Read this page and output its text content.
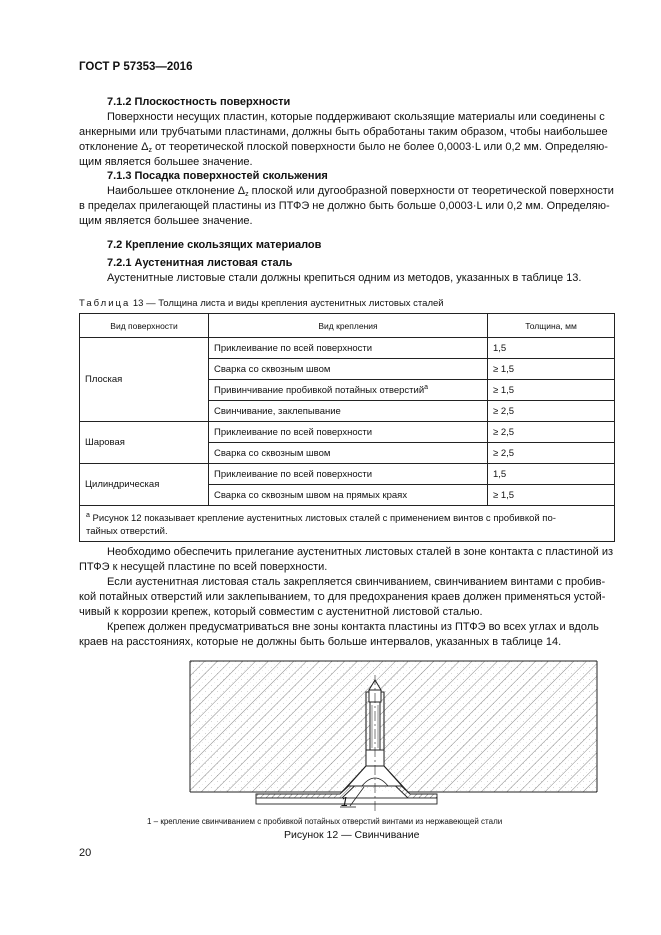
ГОСТ Р 57353—2016
7.1.2 Плоскостность поверхности
Поверхности несущих пластин, которые поддерживают скользящие материалы или соединены с
анкерными или трубчатыми пластинами, должны быть обработаны таким образом, чтобы наибольшее
отклонение $\Delta_z$ от теоретической плоской поверхности было не более 0,0003·L или 0,2 мм. Определяю-
щим является большее значение.
7.1.3 Посадка поверхностей скольжения
Наибольшее отклонение $\Delta_z$ плоской или дугообразной поверхности от теоретической поверхности
в пределах прилегающей пластины из ПТФЭ не должно быть больше 0,0003·L или 0,2 мм. Определяю-
щим является большее значение.
7.2 Крепление скользящих материалов
7.2.1 Аустенитная листовая сталь
Аустенитные листовые стали должны крепиться одним из методов, указанных в таблице 13.
Таблица 13 — Толщина листа и виды крепления аустенитных листовых сталей
Вид поверхности	Вид крепления	Толщина, мм
Плоская	Приклеивание по всей поверхности	1,5
	Сварка со сквозным швом	≥ 1,5
	Привинчивание пробивкой потайных отверстий$^а$	≥ 1,5
	Свинчивание, заклепывание	≥ 2,5
Шаровая	Приклеивание по всей поверхности	≥ 2,5
	Сварка со сквозным швом	≥ 2,5
Цилиндрическая	Приклеивание по всей поверхности	1,5
	Сварка со сквозным швом на прямых краях	≥ 1,5
$^а$ Рисунок 12 показывает крепление аустенитных листовых сталей с применением винтов с пробивкой по-
тайных отверстий.		
Необходимо обеспечить прилегание аустенитных листовых сталей в зоне контакта с пластиной из
ПТФЭ к несущей пластине по всей поверхности.
Если аустенитная листовая сталь закрепляется свинчиванием, свинчиванием винтами с пробив-
кой потайных отверстий или заклепыванием, то для предохранения краев должен применяться устой-
чивый к коррозии крепеж, который совместим с аустенитной листовой сталью.
Крепеж должен предусматриваться вне зоны контакта пластины из ПТФЭ во всех углах и вдоль
краев на расстояниях, которые не должны быть больше интервалов, указанных в таблице 14.
1
1 – крепление свинчиванием с пробивкой потайных отверстий винтами из нержавеющей стали
Рисунок 12 — Свинчивание
20
